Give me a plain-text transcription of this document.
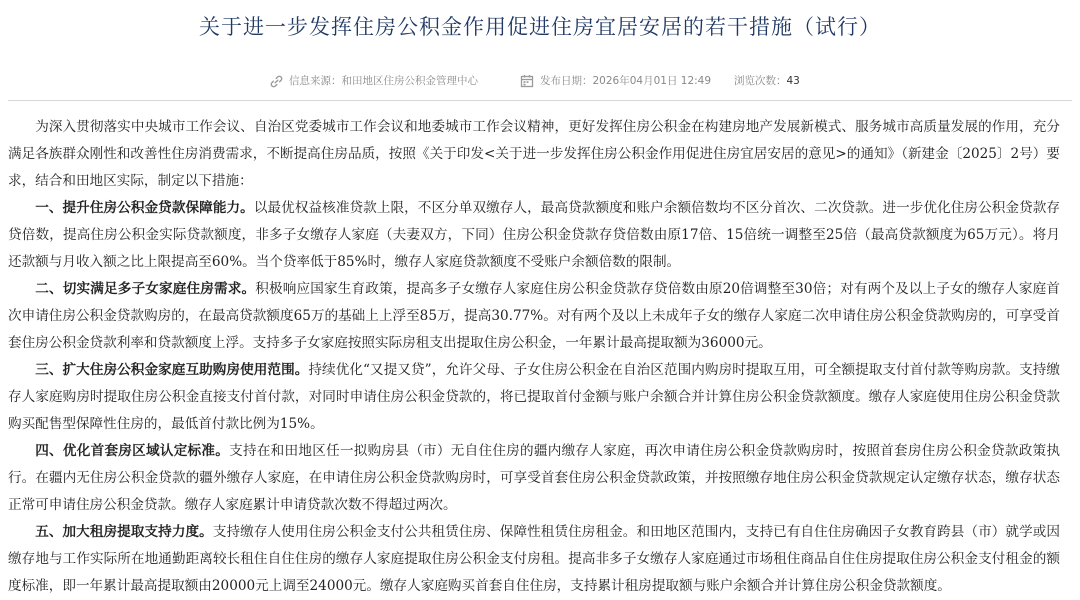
关于进一步发挥住房公积金作用促进住房宜居安居的若干措施（试行）
信息来源：和田地区住房公积金管理中心	发布日期：2026年04月01日 12:49 浏览次数：43

为深入贯彻落实中央城市工作会议、自治区党委城市工作会议和地委城市工作会议精神，更好发挥住房公积金在构建房地产发展新模式、服务城市高质量发展的作用，充分满足各族群众刚性和改善性住房消费需求，不断提高住房品质，按照《关于印发<关于进一步发挥住房公积金作用促进住房宜居安居的意见>的通知》（新建金〔2025〕2号）要求，结合和田地区实际，制定以下措施：

一、提升住房公积金贷款保障能力。以最优权益核准贷款上限，不区分单双缴存人，最高贷款额度和账户余额倍数均不区分首次、二次贷款。进一步优化住房公积金贷款存贷倍数，提高住房公积金实际贷款额度，非多子女缴存人家庭（夫妻双方，下同）住房公积金贷款存贷倍数由原17倍、15倍统一调整至25倍（最高贷款额度为65万元）。将月还款额与月收入额之比上限提高至60%。当个贷率低于85%时，缴存人家庭贷款额度不受账户余额倍数的限制。

二、切实满足多子女家庭住房需求。积极响应国家生育政策，提高多子女缴存人家庭住房公积金贷款存贷倍数由原20倍调整至30倍；对有两个及以上子女的缴存人家庭首次申请住房公积金贷款购房的，在最高贷款额度65万的基础上上浮至85万，提高30.77%。对有两个及以上未成年子女的缴存人家庭二次申请住房公积金贷款购房的，可享受首套住房公积金贷款利率和贷款额度上浮。支持多子女家庭按照实际房租支出提取住房公积金，一年累计最高提取额为36000元。

三、扩大住房公积金家庭互助购房使用范围。持续优化“又提又贷”，允许父母、子女住房公积金在自治区范围内购房时提取互用，可全额提取支付首付款等购房款。支持缴存人家庭购房时提取住房公积金直接支付首付款，对同时申请住房公积金贷款的，将已提取首付金额与账户余额合并计算住房公积金贷款额度。缴存人家庭使用住房公积金贷款购买配售型保障性住房的，最低首付款比例为15%。

四、优化首套房区域认定标准。支持在和田地区任一拟购房县（市）无自住住房的疆内缴存人家庭，再次申请住房公积金贷款购房时，按照首套房住房公积金贷款政策执行。在疆内无住房公积金贷款的疆外缴存人家庭，在申请住房公积金贷款购房时，可享受首套住房公积金贷款政策，并按照缴存地住房公积金贷款规定认定缴存状态，缴存状态正常可申请住房公积金贷款。缴存人家庭累计申请贷款次数不得超过两次。

五、加大租房提取支持力度。支持缴存人使用住房公积金支付公共租赁住房、保障性租赁住房租金。和田地区范围内，支持已有自住住房确因子女教育跨县（市）就学或因缴存地与工作实际所在地通勤距离较长租住自住住房的缴存人家庭提取住房公积金支付房租。提高非多子女缴存人家庭通过市场租住商品自住住房提取住房公积金支付租金的额度标准，即一年累计最高提取额由20000元上调至24000元。缴存人家庭购买首套自住住房，支持累计租房提取额与账户余额合并计算住房公积金贷款额度。
